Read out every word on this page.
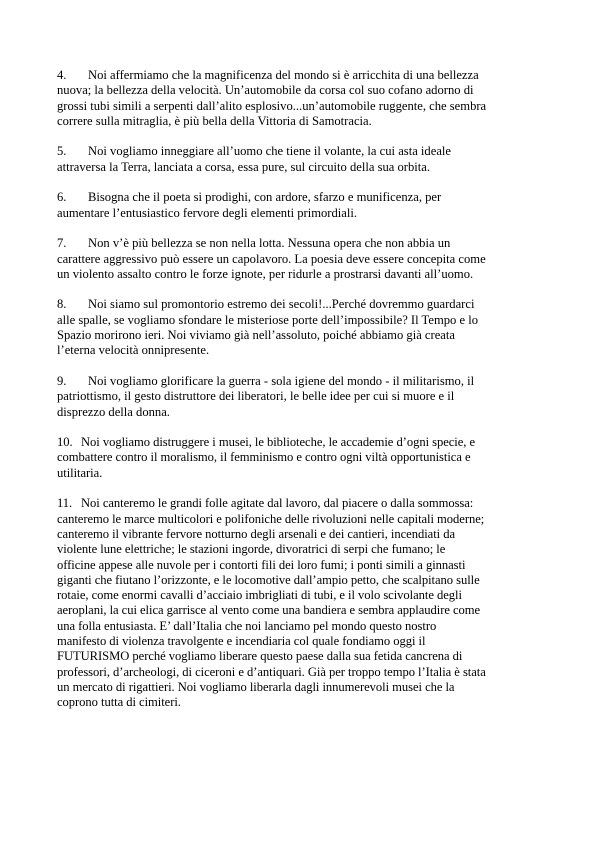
4. Noi affermiamo che la magnificenza del mondo si è arricchita di una bellezza
nuova; la bellezza della velocità. Un’automobile da corsa col suo cofano adorno di
grossi tubi simili a serpenti dall’alito esplosivo...un’automobile ruggente, che sembra
correre sulla mitraglia, è più bella della Vittoria di Samotracia.

5. Noi vogliamo inneggiare all’uomo che tiene il volante, la cui asta ideale
attraversa la Terra, lanciata a corsa, essa pure, sul circuito della sua orbita.

6. Bisogna che il poeta si prodighi, con ardore, sfarzo e munificenza, per
aumentare l’entusiastico fervore degli elementi primordiali.

7. Non v’è più bellezza se non nella lotta. Nessuna opera che non abbia un
carattere aggressivo può essere un capolavoro. La poesia deve essere concepita come
un violento assalto contro le forze ignote, per ridurle a prostrarsi davanti all’uomo.

8. Noi siamo sul promontorio estremo dei secoli!...Perché dovremmo guardarci
alle spalle, se vogliamo sfondare le misteriose porte dell’impossibile? Il Tempo e lo
Spazio morirono ieri. Noi viviamo già nell’assoluto, poiché abbiamo già creata
l’eterna velocità onnipresente.

9. Noi vogliamo glorificare la guerra - sola igiene del mondo - il militarismo, il
patriottismo, il gesto distruttore dei liberatori, le belle idee per cui si muore e il
disprezzo della donna.

10. Noi vogliamo distruggere i musei, le biblioteche, le accademie d’ogni specie, e
combattere contro il moralismo, il femminismo e contro ogni viltà opportunistica e
utilitaria.

11. Noi canteremo le grandi folle agitate dal lavoro, dal piacere o dalla sommossa:
canteremo le marce multicolori e polifoniche delle rivoluzioni nelle capitali moderne;
canteremo il vibrante fervore notturno degli arsenali e dei cantieri, incendiati da
violente lune elettriche; le stazioni ingorde, divoratrici di serpi che fumano; le
officine appese alle nuvole per i contorti fili dei loro fumi; i ponti simili a ginnasti
giganti che fiutano l’orizzonte, e le locomotive dall’ampio petto, che scalpitano sulle
rotaie, come enormi cavalli d’acciaio imbrigliati di tubi, e il volo scivolante degli
aeroplani, la cui elica garrisce al vento come una bandiera e sembra applaudire come
una folla entusiasta. E’ dall’Italia che noi lanciamo pel mondo questo nostro
manifesto di violenza travolgente e incendiaria col quale fondiamo oggi il
FUTURISMO perché vogliamo liberare questo paese dalla sua fetida cancrena di
professori, d’archeologi, di ciceroni e d’antiquari. Già per troppo tempo l’Italia è stata
un mercato di rigattieri. Noi vogliamo liberarla dagli innumerevoli musei che la
coprono tutta di cimiteri.
